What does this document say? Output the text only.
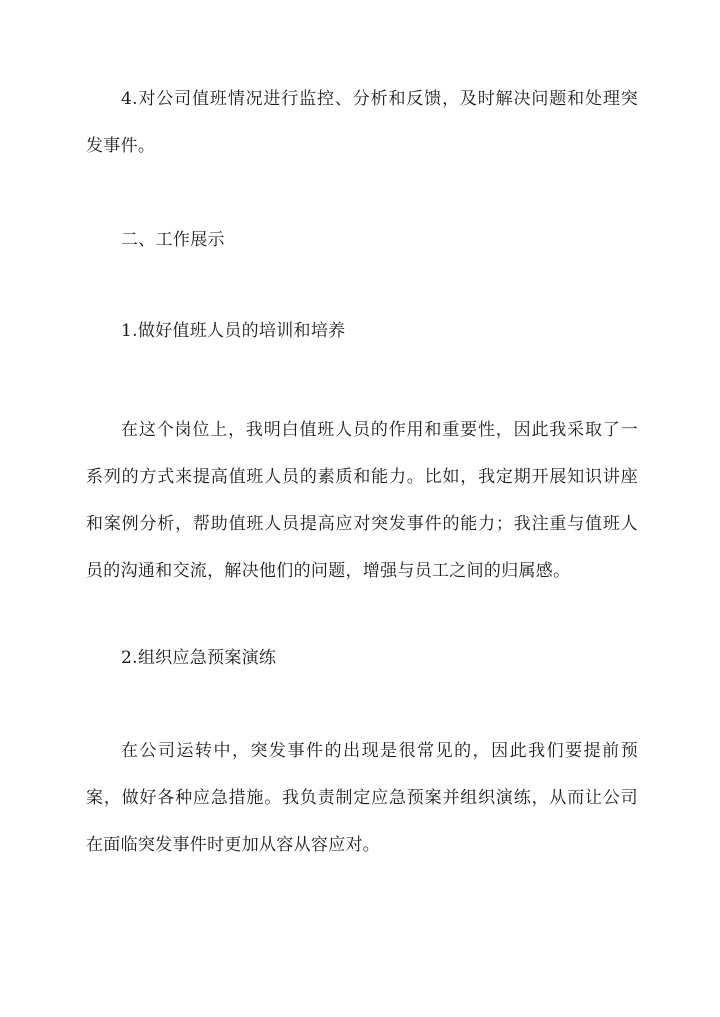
4.对公司值班情况进行监控、分析和反馈，及时解决问题和处理突发事件。

二、工作展示

1.做好值班人员的培训和培养

在这个岗位上，我明白值班人员的作用和重要性，因此我采取了一系列的方式来提高值班人员的素质和能力。比如，我定期开展知识讲座和案例分析，帮助值班人员提高应对突发事件的能力；我注重与值班人员的沟通和交流，解决他们的问题，增强与员工之间的归属感。

2.组织应急预案演练

在公司运转中，突发事件的出现是很常见的，因此我们要提前预案，做好各种应急措施。我负责制定应急预案并组织演练，从而让公司在面临突发事件时更加从容从容应对。
